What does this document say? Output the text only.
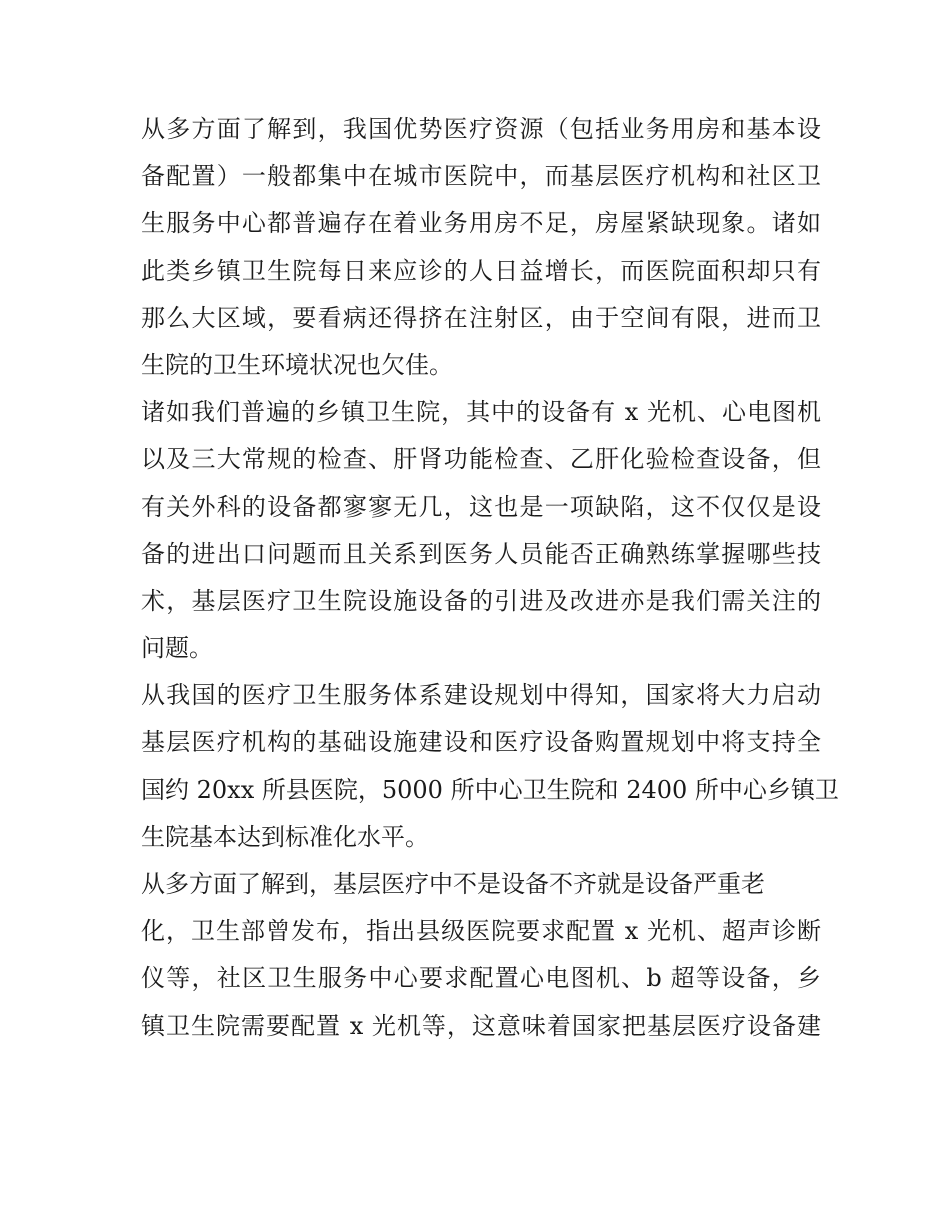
从多方面了解到，我国优势医疗资源（包括业务用房和基本设
备配置）一般都集中在城市医院中，而基层医疗机构和社区卫
生服务中心都普遍存在着业务用房不足，房屋紧缺现象。诸如
此类乡镇卫生院每日来应诊的人日益增长，而医院面积却只有
那么大区域，要看病还得挤在注射区，由于空间有限，进而卫
生院的卫生环境状况也欠佳。
诸如我们普遍的乡镇卫生院，其中的设备有 x 光机、心电图机
以及三大常规的检查、肝肾功能检查、乙肝化验检查设备，但
有关外科的设备都寥寥无几，这也是一项缺陷，这不仅仅是设
备的进出口问题而且关系到医务人员能否正确熟练掌握哪些技
术，基层医疗卫生院设施设备的引进及改进亦是我们需关注的
问题。
从我国的医疗卫生服务体系建设规划中得知，国家将大力启动
基层医疗机构的基础设施建设和医疗设备购置规划中将支持全
国约 20xx 所县医院，5000 所中心卫生院和 2400 所中心乡镇卫
生院基本达到标准化水平。
从多方面了解到，基层医疗中不是设备不齐就是设备严重老
化，卫生部曾发布，指出县级医院要求配置 x 光机、超声诊断
仪等，社区卫生服务中心要求配置心电图机、b 超等设备，乡
镇卫生院需要配置 x 光机等，这意味着国家把基层医疗设备建
